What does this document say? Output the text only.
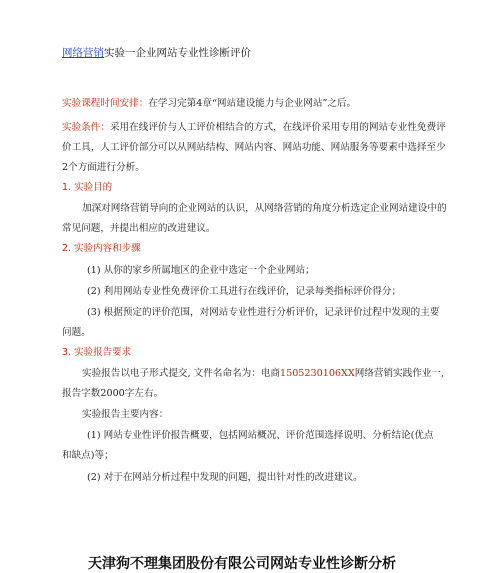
网络营销实验一企业网站专业性诊断评价
实验课程时间安排：在学习完第4章“网站建设能力与企业网站”之后。
实验条件：采用在线评价与人工评价相结合的方式，在线评价采用专用的网站专业性免费评
价工具，人工评价部分可以从网站结构、网站内容、网站功能、网站服务等要素中选择至少
2个方面进行分析。
1. 实验目的
加深对网络营销导向的企业网站的认识，从网络营销的角度分析选定企业网站建设中的
常见问题，并提出相应的改进建议。
2. 实验内容和步骤
(1) 从你的家乡所属地区的企业中选定一个企业网站；
(2) 利用网站专业性免费评价工具进行在线评价，记录每类指标评价得分；
(3) 根据预定的评价范围，对网站专业性进行分析评价，记录评价过程中发现的主要
问题。
3. 实验报告要求
实验报告以电子形式提交, 文件名命名为：电商1505230106XX网络营销实践作业一,
报告字数2000字左右。
实验报告主要内容：
(1) 网站专业性评价报告概要，包括网站概况、评价范围选择说明、分析结论(优点
和缺点)等；
(2) 对于在网站分析过程中发现的问题，提出针对性的改进建议。
天津狗不理集团股份有限公司网站专业性诊断分析
